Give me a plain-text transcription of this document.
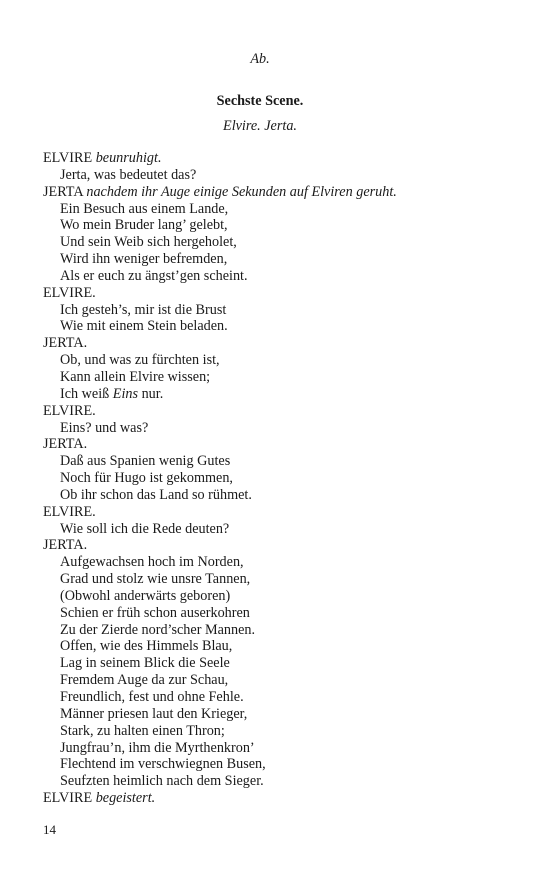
Ab.
Sechste Scene.
Elvire. Jerta.
ELVIRE beunruhigt.
Jerta, was bedeutet das?
JERTA nachdem ihr Auge einige Sekunden auf Elviren geruht.
Ein Besuch aus einem Lande,
Wo mein Bruder lang’ gelebt,
Und sein Weib sich hergeholet,
Wird ihn weniger befremden,
Als er euch zu ängst’gen scheint.
ELVIRE.
Ich gesteh’s, mir ist die Brust
Wie mit einem Stein beladen.
JERTA.
Ob, und was zu fürchten ist,
Kann allein Elvire wissen;
Ich weiß Eins nur.
ELVIRE.
Eins? und was?
JERTA.
Daß aus Spanien wenig Gutes
Noch für Hugo ist gekommen,
Ob ihr schon das Land so rühmet.
ELVIRE.
Wie soll ich die Rede deuten?
JERTA.
Aufgewachsen hoch im Norden,
Grad und stolz wie unsre Tannen,
(Obwohl anderwärts geboren)
Schien er früh schon auserkohren
Zu der Zierde nord’scher Mannen.
Offen, wie des Himmels Blau,
Lag in seinem Blick die Seele
Fremdem Auge da zur Schau,
Freundlich, fest und ohne Fehle.
Männer priesen laut den Krieger,
Stark, zu halten einen Thron;
Jungfrau’n, ihm die Myrthenkron’
Flechtend im verschwiegnen Busen,
Seufzten heimlich nach dem Sieger.
ELVIRE begeistert.
14
